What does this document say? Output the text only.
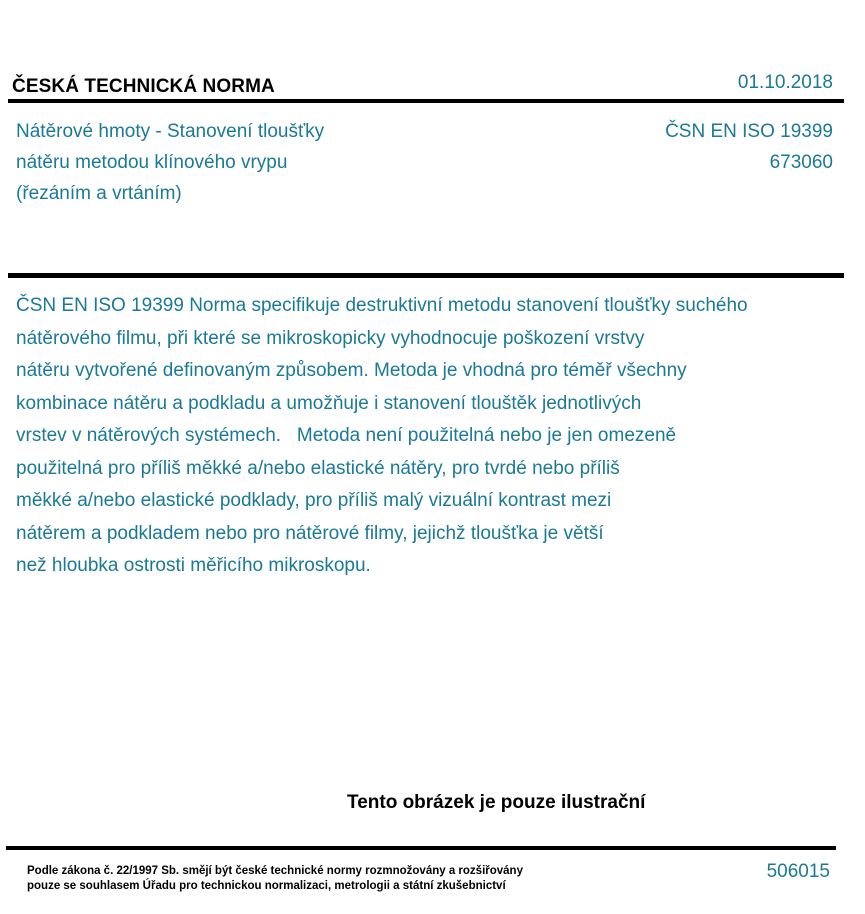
ČESKÁ TECHNICKÁ NORMA	01.10.2018
Nátěrové hmoty - Stanovení tloušťky
nátěru metodou klínového vrypu
(řezáním a vrtáním)
ČSN EN ISO 19399
673060
ČSN EN ISO 19399 Norma specifikuje destruktivní metodu stanovení tloušťky suchého
nátěrového filmu, při které se mikroskopicky vyhodnocuje poškození vrstvy
nátěru vytvořené definovaným způsobem. Metoda je vhodná pro téměř všechny
kombinace nátěru a podkladu a umožňuje i stanovení tlouštěk jednotlivých
vrstev v nátěrových systémech.   Metoda není použitelná nebo je jen omezeně
použitelná pro příliš měkké a/nebo elastické nátěry, pro tvrdé nebo příliš
měkké a/nebo elastické podklady, pro příliš malý vizuální kontrast mezi
nátěrem a podkladem nebo pro nátěrové filmy, jejichž tloušťka je větší
než hloubka ostrosti měřicího mikroskopu.
Tento obrázek je pouze ilustrační
Podle zákona č. 22/1997 Sb. smějí být české technické normy rozmnožovány a rozšiřovány
pouze se souhlasem Úřadu pro technickou normalizaci, metrologii a státní zkušebnictví
506015
